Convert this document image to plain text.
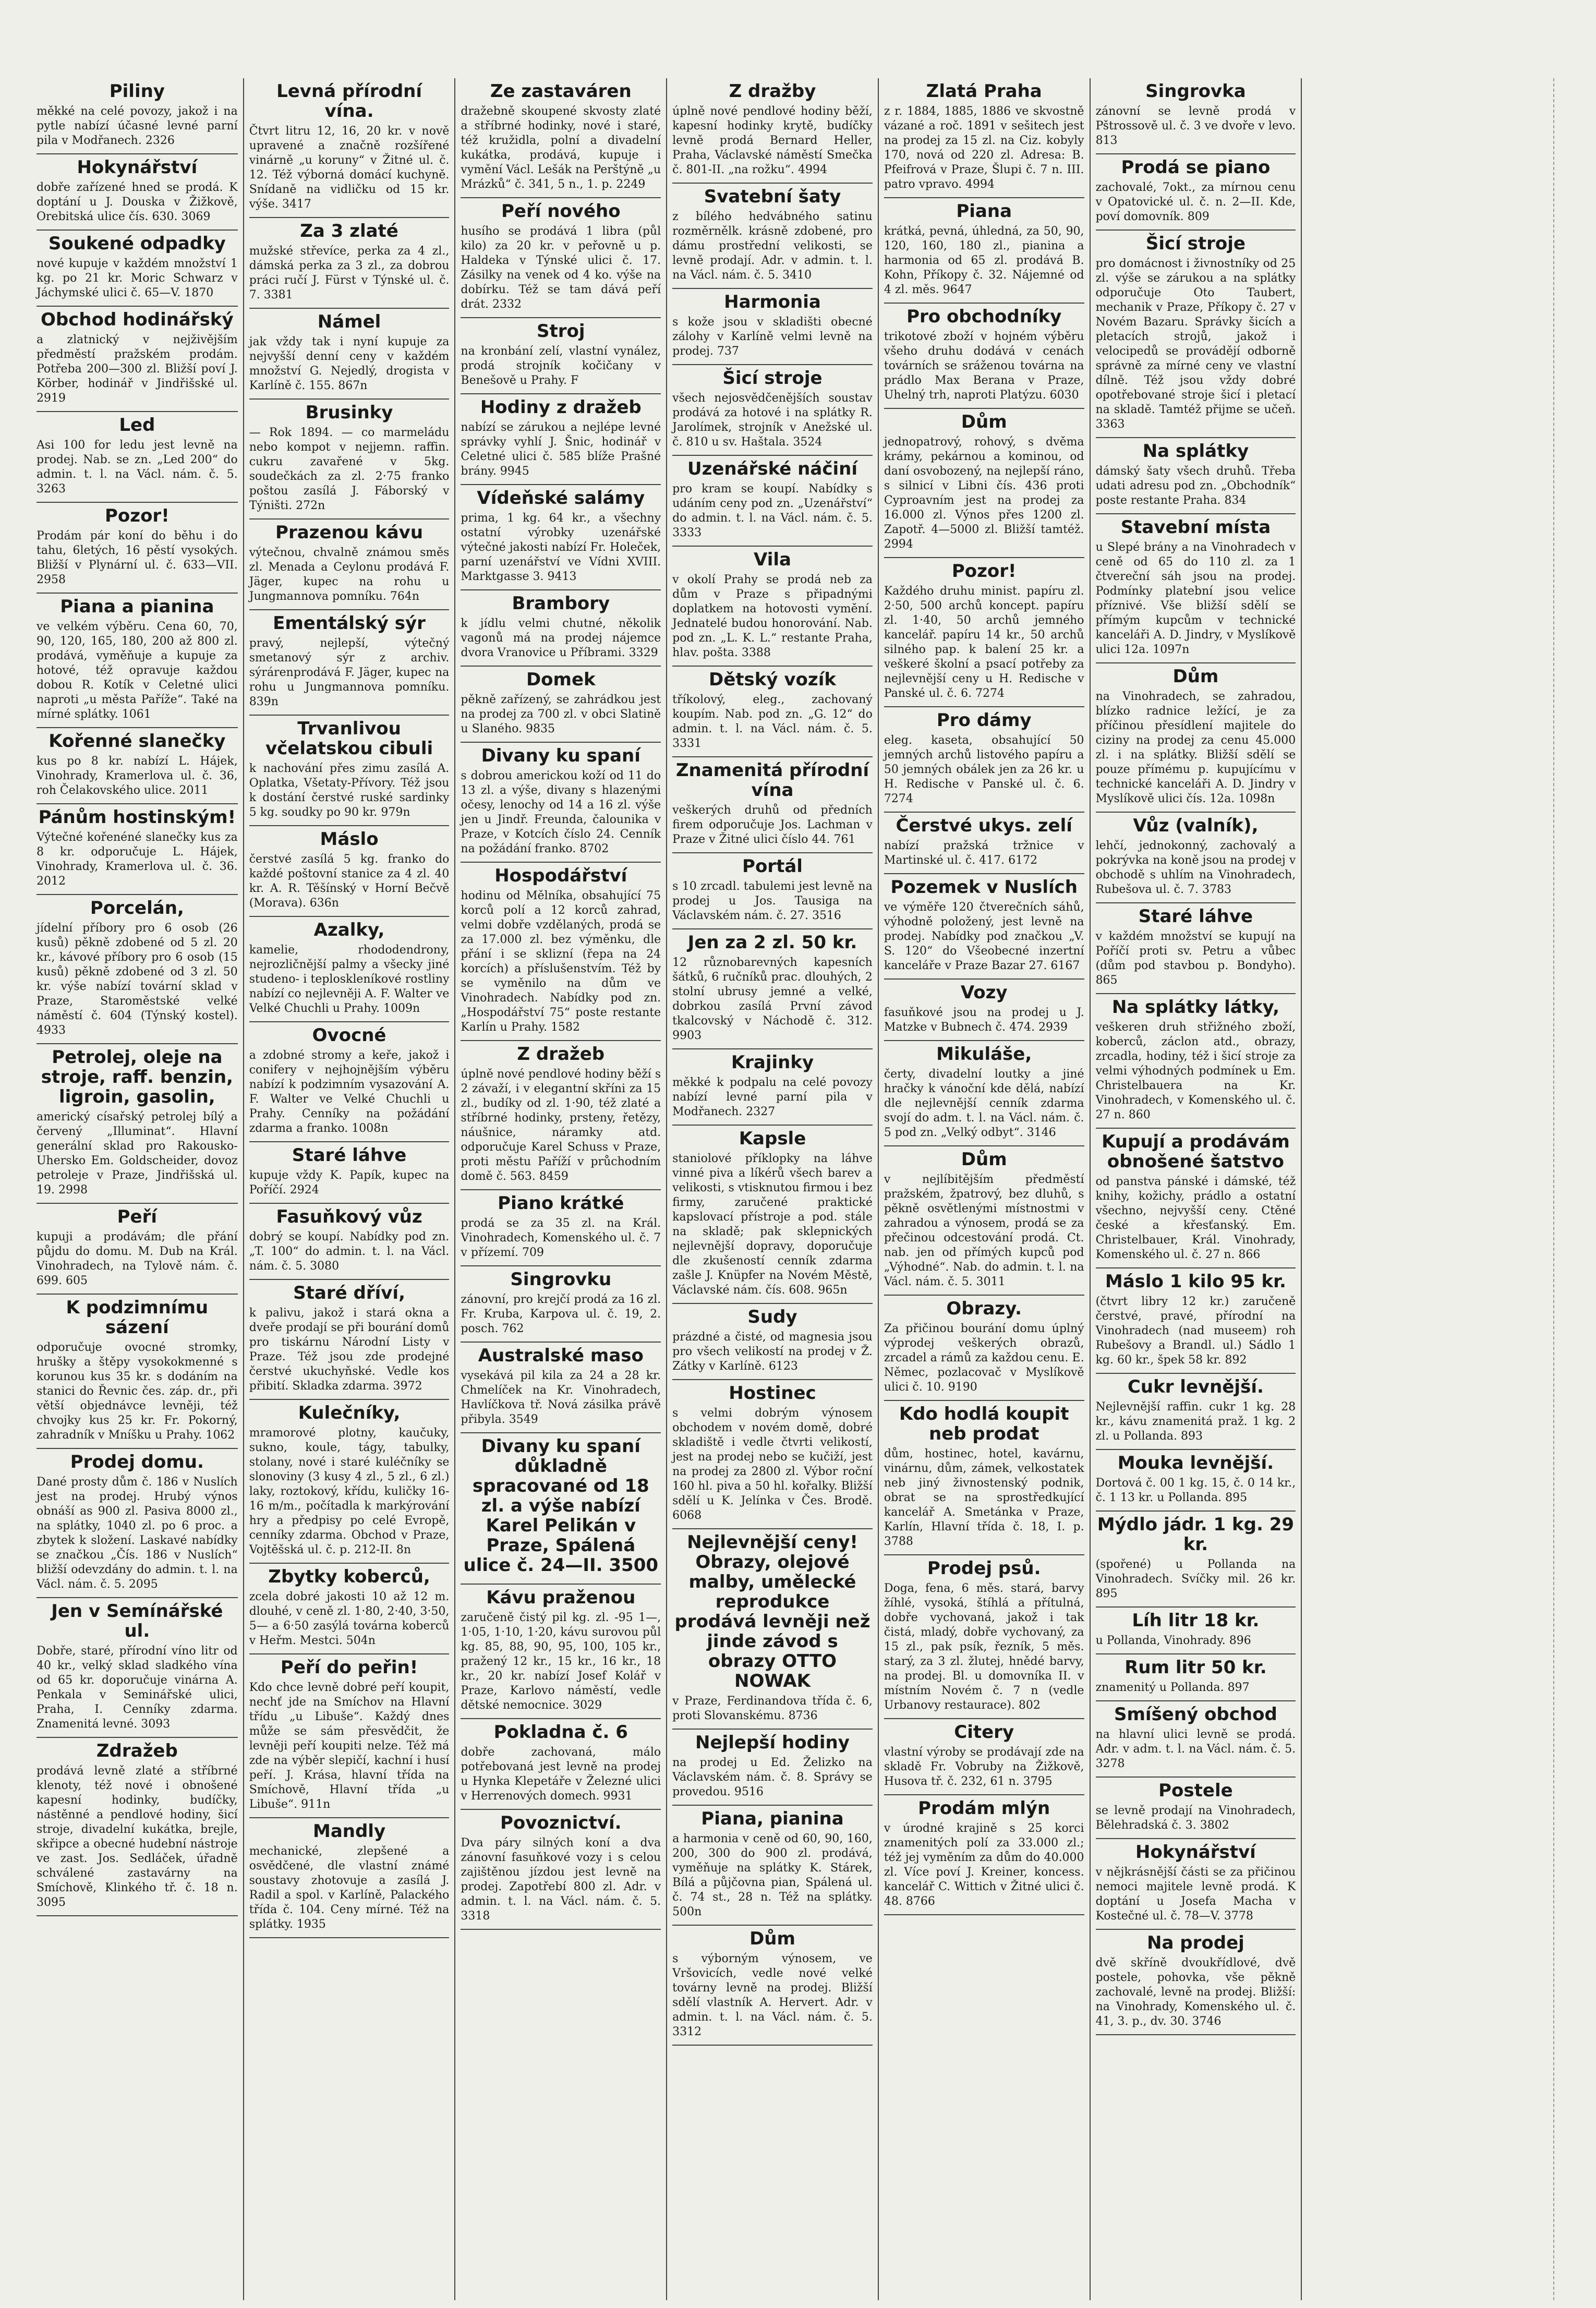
Piliny

měkké na celé povozy, jakož i na pytle nabízí účasné levné parní pila v Modřanech. 2326

Hokynářství

dobře zařízené hned se prodá. K doptání u J. Douska v Žižkově, Orebitská ulice čís. 630. 3069

Soukené odpadky

nové kupuje v každém množství 1 kg. po 21 kr. Moric Schwarz v Jáchymské ulici č. 65—V. 1870

Obchod hodinářský

a zlatnický v nejživějším předměstí pražském prodám. Potřeba 200—300 zl. Bližší poví J. Körber, hodinář v Jindřišské ul. 2919

Led

Asi 100 for ledu jest levně na prodej. Nab. se zn. „Led 200“ do admin. t. l. na Václ. nám. č. 5. 3263

Pozor!

Prodám pár koní do běhu i do tahu, 6letých, 16 pěstí vysokých. Bližší v Plynární ul. č. 633—VII. 2958

Piana a pianina

ve velkém výběru. Cena 60, 70, 90, 120, 165, 180, 200 až 800 zl. prodává, vyměňuje a kupuje za hotové, též opravuje každou dobou R. Kotík v Celetné ulici naproti „u města Paříže“. Také na mírné splátky. 1061

Kořenné slanečky

kus po 8 kr. nabízí L. Hájek, Vinohrady, Kramerlova ul. č. 36, roh Čelakovského ulice. 2011

Pánům hostinským!

Výtečné kořenéné slanečky kus za 8 kr. odporučuje L. Hájek, Vinohrady, Kramerlova ul. č. 36. 2012

Porcelán,

jídelní příbory pro 6 osob (26 kusů) pěkně zdobené od 5 zl. 20 kr., kávové příbory pro 6 osob (15 kusů) pěkně zdobené od 3 zl. 50 kr. výše nabízí tovární sklad v Praze, Staroměstské velké náměstí č. 604 (Týnský kostel). 4933

Petrolej, oleje na stroje, raff. benzin, ligroin, gasolin,

americký císařský petrolej bílý a červený „Illuminat“. Hlavní generální sklad pro Rakousko-Uhersko Em. Goldscheider, dovoz petroleje v Praze, Jindřišská ul. 19. 2998

Peří

kupuji a prodávám; dle přání půjdu do domu. M. Dub na Král. Vinohradech, na Tylově nám. č. 699. 605

K podzimnímu sázení

odporučuje ovocné stromky, hrušky a štěpy vysokokmenné s korunou kus 35 kr. s dodáním na stanici do Řevnic čes. záp. dr., při větší objednávce levněji, též chvojky kus 25 kr. Fr. Pokorný, zahradník v Mníšku u Prahy. 1062

Prodej domu.

Dané prosty dům č. 186 v Nuslích jest na prodej. Hrubý výnos obnáší as 900 zl. Pasiva 8000 zl., na splátky, 1040 zl. po 6 proc. a zbytek k složení. Laskavé nabídky se značkou „Čís. 186 v Nuslích“ bližší odevzdány do admin. t. l. na Václ. nám. č. 5. 2095

Jen v Semínářské ul.

Dobře, staré, přírodní víno litr od 40 kr., velký sklad sladkého vína od 65 kr. doporučuje vinárna A. Penkala v Seminářské ulici, Praha, I. Cenníky zdarma. Znamenitá levné. 3093

Zdražeb

prodává levně zlaté a stříbrné klenoty, též nové i obnošené kapesní hodinky, budíčky, nástěnné a pendlové hodiny, šicí stroje, divadelní kukátka, brejle, skřipce a obecné hudební nástroje ve zast. Jos. Sedláček, úřadně schválené zastavárny na Smíchově, Klinkého tř. č. 18 n. 3095

Levná přírodní vína.

Čtvrt litru 12, 16, 20 kr. v nově upravené a značně rozšířené vinárně „u koruny“ v Žitné ul. č. 12. Též výborná domácí kuchyně. Snídaně na vidličku od 15 kr. výše. 3417

Za 3 zlaté

mužské střevíce, perka za 4 zl., dámská perka za 3 zl., za dobrou práci ručí J. Fürst v Týnské ul. č. 7. 3381

Námel

jak vždy tak i nyní kupuje za nejvyšší denní ceny v každém množství G. Nejedlý, drogista v Karlíně č. 155. 867n

Brusinky

— Rok 1894. — co marmeládu nebo kompot v nejjemn. raffin. cukru zavařené v 5kg. soudečkách za zl. 2·75 franko poštou zasílá J. Fáborský v Týništi. 272n

Prazenou kávu

výtečnou, chvalně známou směs zl. Menada a Ceylonu prodává F. Jäger, kupec na rohu u Jungmannova pomníku. 764n

Ementálský sýr

pravý, nejlepší, výtečný smetanový sýr z archiv. sýrárenprodává F. Jäger, kupec na rohu u Jungmannova pomníku. 839n

Trvanlivou včelatskou cibuli

k nachování přes zimu zasílá A. Oplatka, Všetaty-Přívory. Též jsou k dostání čerstvé ruské sardinky 5 kg. soudky po 90 kr. 979n

Máslo

čerstvé zasílá 5 kg. franko do každé poštovní stanice za 4 zl. 40 kr. A. R. Těšínský v Horní Bečvě (Morava). 636n

Azalky,

kamelie, rhododendrony, nejrozličnější palmy a všecky jiné studeno- i teploskleníkové rostliny nabízí co nejlevněji A. F. Walter ve Velké Chuchli u Prahy. 1009n

Ovocné

a zdobné stromy a keře, jakož i conifery v nejhojnějším výběru nabízí k podzimním vysazování A. F. Walter ve Velké Chuchli u Prahy. Cenníky na požádání zdarma a franko. 1008n

Staré láhve

kupuje vždy K. Papík, kupec na Poříčí. 2924

Fasuňkový vůz

dobrý se koupí. Nabídky pod zn. „T. 100“ do admin. t. l. na Václ. nám. č. 5. 3080

Staré dříví,

k palivu, jakož i stará okna a dveře prodají se při bourání domů pro tiskárnu Národní Listy v Praze. Též jsou zde prodejné čerstvé ukuchyňské. Vedle kos přibití. Skladka zdarma. 3972

Kulečníky,

mramorové plotny, kaučuky, sukno, koule, tágy, tabulky, stolany, nové i staré kuléčníky se slonoviny (3 kusy 4 zl., 5 zl., 6 zl.) laky, roztokový, křídu, kuličky 16-16 m/m., počítadla k markýrování hry a předpisy po celé Evropě, cenníky zdarma. Obchod v Praze, Vojtěšská ul. č. p. 212-II. 8n

Zbytky koberců,

zcela dobré jakosti 10 až 12 m. dlouhé, v ceně zl. 1·80, 2·40, 3·50, 5— a 6·50 zasýlá továrna koberců v Heřm. Mestci. 504n

Peří do peřin!

Kdo chce levně dobré peří koupit, nechť jde na Smíchov na Hlavní třídu „u Libuše“. Každý dnes může se sám přesvědčit, že levněji peří koupiti nelze. Též má zde na výběr slepičí, kachní i husí peří. J. Krása, hlavní třída na Smíchově, Hlavní třída „u Libuše“. 911n

Mandly

mechanické, zlepšené a osvědčené, dle vlastní známé soustavy zhotovuje a zasílá J. Radil a spol. v Karlíně, Palackého třída č. 104. Ceny mírné. Též na splátky. 1935

Ze zastaváren

dražebně skoupené skvosty zlaté a stříbrné hodinky, nové i staré, též kružidla, polní a divadelní kukátka, prodává, kupuje i vymění Václ. Lešák na Perštýně „u Mrázků“ č. 341, 5 n., 1. p. 2249

Peří nového

husího se prodává 1 libra (půl kilo) za 20 kr. v peřovně u p. Haldeka v Týnské ulici č. 17. Zásilky na venek od 4 ko. výše na dobírku. Též se tam dává peří drát. 2332

Stroj

na kronbání zelí, vlastní vynález, prodá strojník kočičany v Benešově u Prahy. F

Hodiny z dražeb

nabízí se zárukou a nejlépe levné správky vyhlí J. Šnic, hodinář v Celetné ulici č. 585 blíže Prašné brány. 9945

Vídeňské salámy

prima, 1 kg. 64 kr., a všechny ostatní výrobky uzenářské výtečné jakosti nabízí Fr. Holeček, parní uzenářství ve Vídni XVIII. Marktgasse 3. 9413

Brambory

k jídlu velmi chutné, několik vagonů má na prodej nájemce dvora Vranovice u Příbrami. 3329

Domek

pěkně zařízený, se zahrádkou jest na prodej za 700 zl. v obci Slatině u Slaného. 9835

Divany ku spaní

s dobrou americkou koží od 11 do 13 zl. a výše, divany s hlazenými očesy, lenochy od 14 a 16 zl. výše jen u Jindř. Freunda, čalounika v Praze, v Kotcích číslo 24. Cenník na požádání franko. 8702

Hospodářství

hodinu od Mělníka, obsahující 75 korců polí a 12 korců zahrad, velmi dobře vzdělaných, prodá se za 17.000 zl. bez výměnku, dle přání i se sklizní (řepa na 24 korcích) a příslušenstvím. Též by se vyměnilo na dům ve Vinohradech. Nabídky pod zn. „Hospodářství 75“ poste restante Karlín u Prahy. 1582

Z dražeb

úplně nové pendlové hodiny běží s 2 závaží, i v elegantní skříni za 15 zl., budíky od zl. 1·90, též zlaté a stříbrné hodinky, prsteny, řetězy, náušnice, náramky atd. odporučuje Karel Schuss v Praze, proti městu Paříží v průchodním domě č. 563. 8459

Piano krátké

prodá se za 35 zl. na Král. Vinohradech, Komenského ul. č. 7 v přízemí. 709

Singrovku

zánovní, pro krejčí prodá za 16 zl. Fr. Kruba, Karpova ul. č. 19, 2. posch. 762

Australské maso

vysekává pil kila za 24 a 28 kr. Chmelíček na Kr. Vinohradech, Havlíčkova tř. Nová zásilka právě přibyla. 3549

Divany ku spaní důkladně spracované od 18 zl. a výše nabízí Karel Pelikán v Praze, Spálená ulice č. 24—II. 3500

Kávu praženou

zaručeně čistý pil kg. zl. -95 1—, 1·05, 1·10, 1·20, kávu surovou půl kg. 85, 88, 90, 95, 100, 105 kr., pražený 12 kr., 15 kr., 16 kr., 18 kr., 20 kr. nabízí Josef Kolář v Praze, Karlovo náměstí, vedle dětské nemocnice. 3029

Pokladna č. 6

dobře zachovaná, málo potřebovaná jest levně na prodej u Hynka Klepetáře v Železné ulici v Herrenových domech. 9931

Povoznictví.

Dva páry silných koní a dva zánovní fasuňkové vozy i s celou zajištěnou jízdou jest levně na prodej. Zapotřebí 800 zl. Adr. v admin. t. l. na Václ. nám. č. 5. 3318

Z dražby

úplně nové pendlové hodiny běží, kapesní hodinky krytě, budíčky levně prodá Bernard Heller, Praha, Václavské náměstí Smečka č. 801-II. „na rožku“. 4994

Svatební šaty

z bílého hedvábného satinu rozměrnělk. krásně zdobené, pro dámu prostřední velikosti, se levně prodají. Adr. v admin. t. l. na Václ. nám. č. 5. 3410

Harmonia

s kože jsou v skladišti obecné zálohy v Karlíně velmi levně na prodej. 737

Šicí stroje

všech nejosvědčenějších soustav prodává za hotové i na splátky R. Jarolímek, strojník v Anežské ul. č. 810 u sv. Haštala. 3524

Uzenářské náčiní

pro kram se koupí. Nabídky s udáním ceny pod zn. „Uzenářství“ do admin. t. l. na Václ. nám. č. 5. 3333

Vila

v okolí Prahy se prodá neb za dům v Praze s připadnými doplatkem na hotovosti vymění. Jednatelé budou honorování. Nab. pod zn. „L. K. L.“ restante Praha, hlav. pošta. 3388

Dětský vozík

tříkolový, eleg., zachovaný koupím. Nab. pod zn. „G. 12“ do admin. t. l. na Václ. nám. č. 5. 3331

Znamenitá přírodní vína

veškerých druhů od předních firem odporučuje Jos. Lachman v Praze v Žitné ulici číslo 44. 761

Portál

s 10 zrcadl. tabulemi jest levně na prodej u Jos. Tausiga na Václavském nám. č. 27. 3516

Jen za 2 zl. 50 kr.

12 různobarevných kapesních šátků, 6 ručníků prac. dlouhých, 2 stolní ubrusy jemné a velké, dobrkou zasílá První závod tkalcovský v Náchodě č. 312. 9903

Krajinky

měkké k podpalu na celé povozy nabízí levné parní pila v Modřanech. 2327

Kapsle

staniolové příklopky na láhve vinné piva a líkérů všech barev a velikosti, s vtisknutou firmou i bez firmy, zaručené praktické kapslovací přístroje a pod. stále na skladě; pak sklepnických nejlevnější dopravy, doporučuje dle zkušeností cenník zdarma zašle J. Knüpfer na Novém Městě, Václavské nám. čís. 608. 965n

Sudy

prázdné a čisté, od magnesia jsou pro všech velikostí na prodej v Ž. Zátky v Karlíně. 6123

Hostinec

s velmi dobrým výnosem obchodem v novém domě, dobré skladiště i vedle čtvrti velikostí, jest na prodej nebo se kučiží, jest na prodej za 2800 zl. Výbor roční 160 hl. piva a 50 hl. kořalky. Bližší sdělí u K. Jelínka v Čes. Brodě. 6068

Nejlevnější ceny! Obrazy, olejové malby, umělecké reprodukce prodává levněji než jinde závod s obrazy OTTO NOWAK

v Praze, Ferdinandova třída č. 6, proti Slovanskému. 8736

Nejlepší hodiny

na prodej u Ed. Želizko na Václavském nám. č. 8. Správy se provedou. 9516

Piana, pianina

a harmonia v ceně od 60, 90, 160, 200, 300 do 900 zl. prodává, vyměňuje na splátky K. Stárek, Bílá a půjčovna pian, Spálená ul. č. 74 st., 28 n. Též na splátky. 500n

Dům

s výborným výnosem, ve Vršovicích, vedle nové velké továrny levně na prodej. Bližší sdělí vlastník A. Hervert. Adr. v admin. t. l. na Václ. nám. č. 5. 3312

Zlatá Praha

z r. 1884, 1885, 1886 ve skvostně vázané a roč. 1891 v sešitech jest na prodej za 15 zl. na Ciz. kobyly 170, nová od 220 zl. Adresa: B. Pfeifrová v Praze, Šlupi č. 7 n. III. patro vpravo. 4994

Piana

krátká, pevná, úhledná, za 50, 90, 120, 160, 180 zl., pianina a harmonia od 65 zl. prodává B. Kohn, Příkopy č. 32. Nájemné od 4 zl. měs. 9647

Pro obchodníky

trikotové zboží v hojném výběru všeho druhu dodává v cenách továrních se sráženou továrna na prádlo Max Berana v Praze, Uhelný trh, naproti Platýzu. 6030

Dům

jednopatrový, rohový, s dvěma krámy, pekárnou a kominou, od daní osvobozený, na nejlepší ráno, s silnicí v Libni čís. 436 proti Cyproavním jest na prodej za 16.000 zl. Výnos přes 1200 zl. Zapotř. 4—5000 zl. Bližší tamtéž. 2994

Pozor!

Každého druhu minist. papíru zl. 2·50, 500 archů koncept. papíru zl. 1·40, 50 archů jemného kancelář. papíru 14 kr., 50 archů silného pap. k balení 25 kr. a veškeré školní a psací potřeby za nejlevnější ceny u H. Redische v Panské ul. č. 6. 7274

Pro dámy

eleg. kaseta, obsahující 50 jemných archů listového papíru a 50 jemných obálek jen za 26 kr. u H. Redische v Panské ul. č. 6. 7274

Čerstvé ukys. zelí

nabízí pražská tržnice v Martinské ul. č. 417. 6172

Pozemek v Nuslích

ve výměře 120 čtverečních sáhů, výhodně položený, jest levně na prodej. Nabídky pod značkou „V. S. 120“ do Všeobecné inzertní kanceláře v Praze Bazar 27. 6167

Vozy

fasuňkové jsou na prodej u J. Matzke v Bubnech č. 474. 2939

Mikuláše,

čerty, divadelní loutky a jiné hračky k vánoční kde dělá, nabízí dle nejlevnější cenník zdarma svojí do adm. t. l. na Václ. nám. č. 5 pod zn. „Velký odbyt“. 3146

Dům

v nejlíbitějším předměstí pražském, žpatrový, bez dluhů, s pěkně osvětlenými místnostmi v zahradou a výnosem, prodá se za přečinou odcestování prodá. Ct. nab. jen od přímých kupců pod „Výhodné“. Nab. do admin. t. l. na Václ. nám. č. 5. 3011

Obrazy.

Za přičinou bourání domu úplný výprodej veškerých obrazů, zrcadel a rámů za každou cenu. E. Němec, pozlacovač v Myslíkově ulici č. 10. 9190

Kdo hodlá koupit neb prodat

dům, hostinec, hotel, kavárnu, vinárnu, dům, zámek, velkostatek neb jiný živnostenský podnik, obrat se na sprostředkující kancelář A. Smetánka v Praze, Karlín, Hlavní třída č. 18, I. p. 3788

Prodej psů.

Doga, fena, 6 měs. stará, barvy žíhlé, vysoká, štíhlá a přítulná, dobře vychovaná, jakož i tak čistá, mladý, dobře vychovaný, za 15 zl., pak psík, řezník, 5 měs. starý, za 3 zl. žlutej, hnědé barvy, na prodej. Bl. u domovníka II. v místním Novém č. 7 n (vedle Urbanovy restaurace). 802

Citery

vlastní výroby se prodávají zde na skladě Fr. Vobruby na Žižkově, Husova tř. č. 232, 61 n. 3795

Prodám mlýn

v úrodné krajině s 25 korci znamenitých polí za 33.000 zl.; též jej vyměním za dům do 40.000 zl. Více poví J. Kreiner, koncess. kancelář C. Wittich v Žitné ulici č. 48. 8766

Singrovka

zánovní se levně prodá v Pštrossově ul. č. 3 ve dvoře v levo. 813

Prodá se piano

zachovalé, 7okt., za mírnou cenu v Opatovické ul. č. n. 2—II. Kde, poví domovník. 809

Šicí stroje

pro domácnost i živnostníky od 25 zl. výše se zárukou a na splátky odporučuje Oto Taubert, mechanik v Praze, Příkopy č. 27 v Novém Bazaru. Správky šicích a pletacích strojů, jakož i velocipedů se provádějí odborně správně za mírné ceny ve vlastní dílně. Též jsou vždy dobré opotřebované stroje šicí i pletací na skladě. Tamtéž přijme se učeň. 3363

Na splátky

dámský šaty všech druhů. Třeba udati adresu pod zn. „Obchodník“ poste restante Praha. 834

Stavební místa

u Slepé brány a na Vinohradech v ceně od 65 do 110 zl. za 1 čtvereční sáh jsou na prodej. Podmínky platební jsou velice příznivé. Vše bližší sdělí se přímým kupcům v technické kanceláři A. D. Jindry, v Myslíkově ulici 12a. 1097n

Dům

na Vinohradech, se zahradou, blízko radnice ležící, je za příčinou přesídlení majitele do ciziny na prodej za cenu 45.000 zl. i na splátky. Bližší sdělí se pouze přímému p. kupujícímu v technické kanceláři A. D. Jindry v Myslíkově ulici čís. 12a. 1098n

Vůz (valník),

lehčí, jednokonný, zachovalý a pokrývka na koně jsou na prodej v obchodě s uhlím na Vinohradech, Rubešova ul. č. 7. 3783

Staré láhve

v každém množství se kupují na Poříčí proti sv. Petru a vůbec (dům pod stavbou p. Bondyho). 865

Na splátky látky,

veškeren druh střižného zboží, koberců, záclon atd., obrazy, zrcadla, hodiny, též i šicí stroje za velmi výhodných podmínek u Em. Christelbauera na Kr. Vinohradech, v Komenského ul. č. 27 n. 860

Kupují a prodávám obnošené šatstvo

od panstva pánské i dámské, též knihy, kožichy, prádlo a ostatní všechno, nejvyšší ceny. Ctěné české a křesťanský. Em. Christelbauer, Král. Vinohrady, Komenského ul. č. 27 n. 866

Máslo 1 kilo 95 kr.

(čtvrt libry 12 kr.) zaručeně čerstvé, pravé, přírodní na Vinohradech (nad museem) roh Rubešovy a Brandl. ul.) Sádlo 1 kg. 60 kr., špek 58 kr. 892

Cukr levnější.

Nejlevnější raffin. cukr 1 kg. 28 kr., kávu znamenitá praž. 1 kg. 2 zl. u Pollanda. 893

Mouka levnější.

Dortová č. 00 1 kg. 15, č. 0 14 kr., č. 1 13 kr. u Pollanda. 895

Mýdlo jádr. 1 kg. 29 kr.

(spořené) u Pollanda na Vinohradech. Svíčky mil. 26 kr. 895

Líh litr 18 kr.

u Pollanda, Vinohrady. 896

Rum litr 50 kr.

znamenitý u Pollanda. 897

Smíšený obchod

na hlavní ulici levně se prodá. Adr. v adm. t. l. na Václ. nám. č. 5. 3278

Postele

se levně prodají na Vinohradech, Bělehradská č. 3. 3802

Hokynářství

v nějkrásnější části se za přičinou nemoci majitele levně prodá. K doptání u Josefa Macha v Kostečné ul. č. 78—V. 3778

Na prodej

dvě skříně dvoukřídlové, dvě postele, pohovka, vše pěkně zachovalé, levně na prodej. Bližší: na Vinohrady, Komenského ul. č. 41, 3. p., dv. 30. 3746
